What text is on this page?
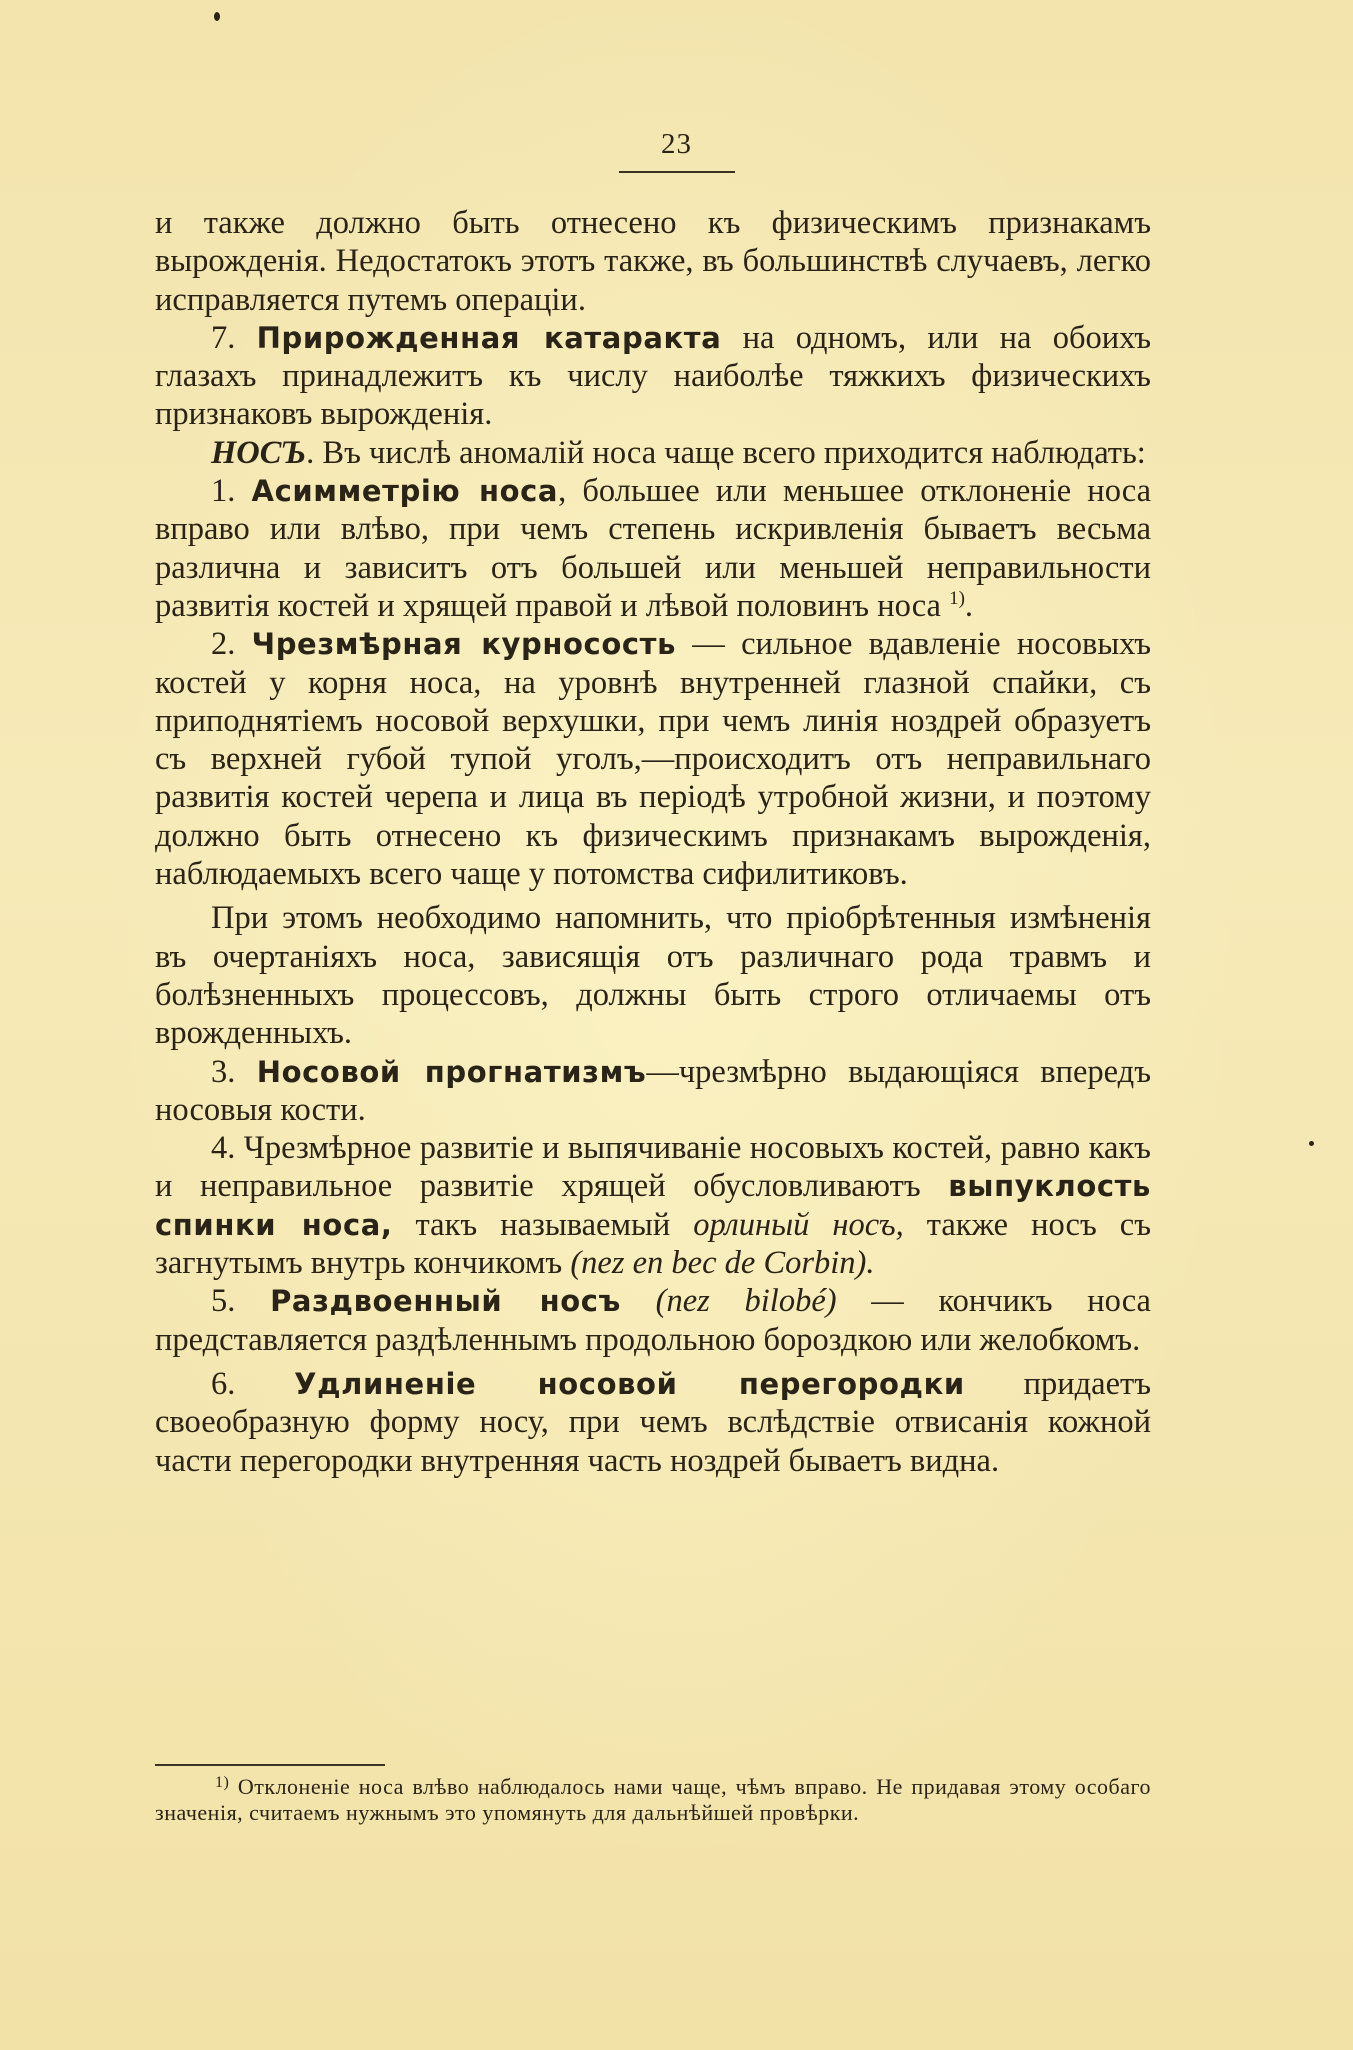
23

и также должно быть отнесено къ физическимъ признакамъ вырожденія. Недостатокъ этотъ также, въ большинствѣ случаевъ, легко исправляется путемъ операціи.

7. Прирожденная катаракта на одномъ, или на обоихъ глазахъ принадлежитъ къ числу наиболѣе тяжкихъ физическихъ признаковъ вырожденія.

НОСЪ. Въ числѣ аномалій носа чаще всего приходится наблюдать:

1. Асимметрію носа, большее или меньшее отклоненіе носа вправо или влѣво, при чемъ степень искривленія бываетъ весьма различна и зависитъ отъ большей или меньшей неправильности развитія костей и хрящей правой и лѣвой половинъ носа $^{1)}$.

2. Чрезмѣрная курносость — сильное вдавленіе носовыхъ костей у корня носа, на уровнѣ внутренней глазной спайки, съ приподнятіемъ носовой верхушки, при чемъ линія ноздрей образуетъ съ верхней губой тупой уголъ,—происходитъ отъ неправильнаго развитія костей черепа и лица въ періодѣ утробной жизни, и поэтому должно быть отнесено къ физическимъ признакамъ вырожденія, наблюдаемыхъ всего чаще у потомства сифилитиковъ.

При этомъ необходимо напомнить, что пріобрѣтенныя измѣненія въ очертаніяхъ носа, зависящія отъ различнаго рода травмъ и болѣзненныхъ процессовъ, должны быть строго отличаемы отъ врожденныхъ.

3. Носовой прогнатизмъ—чрезмѣрно выдающіяся впередъ носовыя кости.

4. Чрезмѣрное развитіе и выпячиваніе носовыхъ костей, равно какъ и неправильное развитіе хрящей обусловливаютъ выпуклость спинки носа, такъ называемый орлиный носъ, также носъ съ загнутымъ внутрь кончикомъ (nez en bec de Corbin).

5. Раздвоенный носъ (nez bilobé) — кончикъ носа представляется раздѣленнымъ продольною бороздкою или желобкомъ.

6. Удлиненіе носовой перегородки придаетъ своеобразную форму носу, при чемъ вслѣдствіе отвисанія кожной части перегородки внутренняя часть ноздрей бываетъ видна.

$^{1)}$ Отклоненіе носа влѣво наблюдалось нами чаще, чѣмъ вправо. Не придавая этому особаго значенія, считаемъ нужнымъ это упомянуть для дальнѣйшей провѣрки.
